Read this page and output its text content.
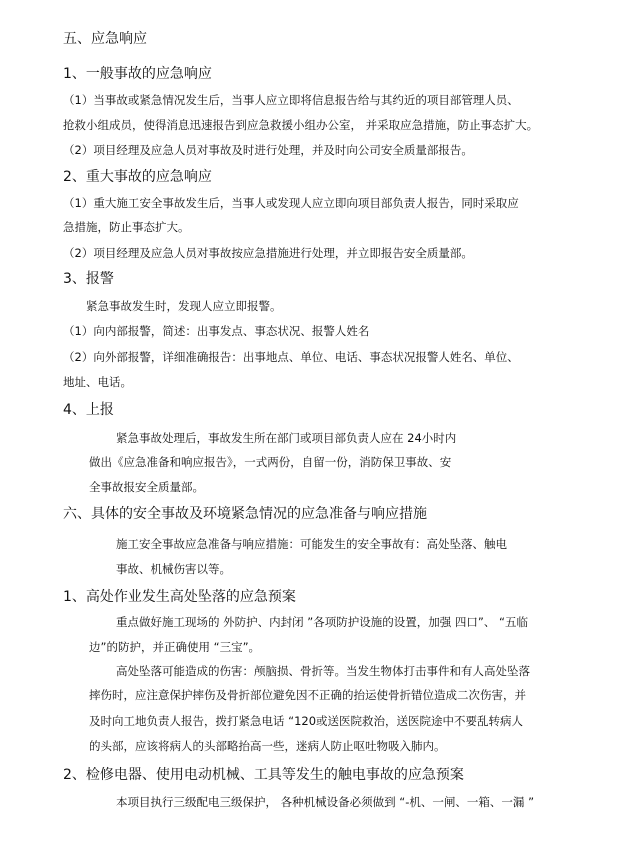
五、应急响应
1、一般事故的应急响应
（1）当事故或紧急情况发生后，当事人应立即将信息报告给与其约近的项目部管理人员、
抢救小组成员，使得消息迅速报告到应急救援小组办公室， 并采取应急措施，防止事态扩大。
（2）项目经理及应急人员对事故及时进行处理，并及时向公司安全质量部报告。
2、重大事故的应急响应
（1）重大施工安全事故发生后，当事人或发现人应立即向项目部负责人报告，同时采取应
急措施，防止事态扩大。
（2）项目经理及应急人员对事故按应急措施进行处理，并立即报告安全质量部。
3、报警
紧急事故发生时，发现人应立即报警。
（1）向内部报警，简述：出事发点、事态状况、报警人姓名
（2）向外部报警，详细准确报告：出事地点、单位、电话、事态状况报警人姓名、单位、
地址、电话。
4、上报
紧急事故处理后，事故发生所在部门或项目部负责人应在 24小时内
做出《应急准备和响应报告》，一式两份，自留一份，消防保卫事故、安
全事故报安全质量部。
六、具体的安全事故及环境紧急情况的应急准备与响应措施
施工安全事故应急准备与响应措施：可能发生的安全事故有：高处坠落、触电
事故、机械伤害以等。
1、高处作业发生高处坠落的应急预案
重点做好施工现场的 外防护、内封闭 ”各项防护设施的设置，加强 四口”、 “五临
边”的防护，并正确使用 “三宝”。
高处坠落可能造成的伤害：颅脑损、骨折等。当发生物体打击事件和有人高处坠落
摔伤时，应注意保护摔伤及骨折部位避免因不正确的抬运使骨折错位造成二次伤害，并
及时向工地负责人报告，拨打紧急电话 “120或送医院救治，送医院途中不要乱转病人
的头部，应该将病人的头部略抬高一些，迷病人防止呕吐物吸入肺内。
2、检修电器、使用电动机械、工具等发生的触电事故的应急预案
本项目执行三级配电三级保护， 各种机械设备必须做到 “-机、一闸、一箱、一漏 ”
